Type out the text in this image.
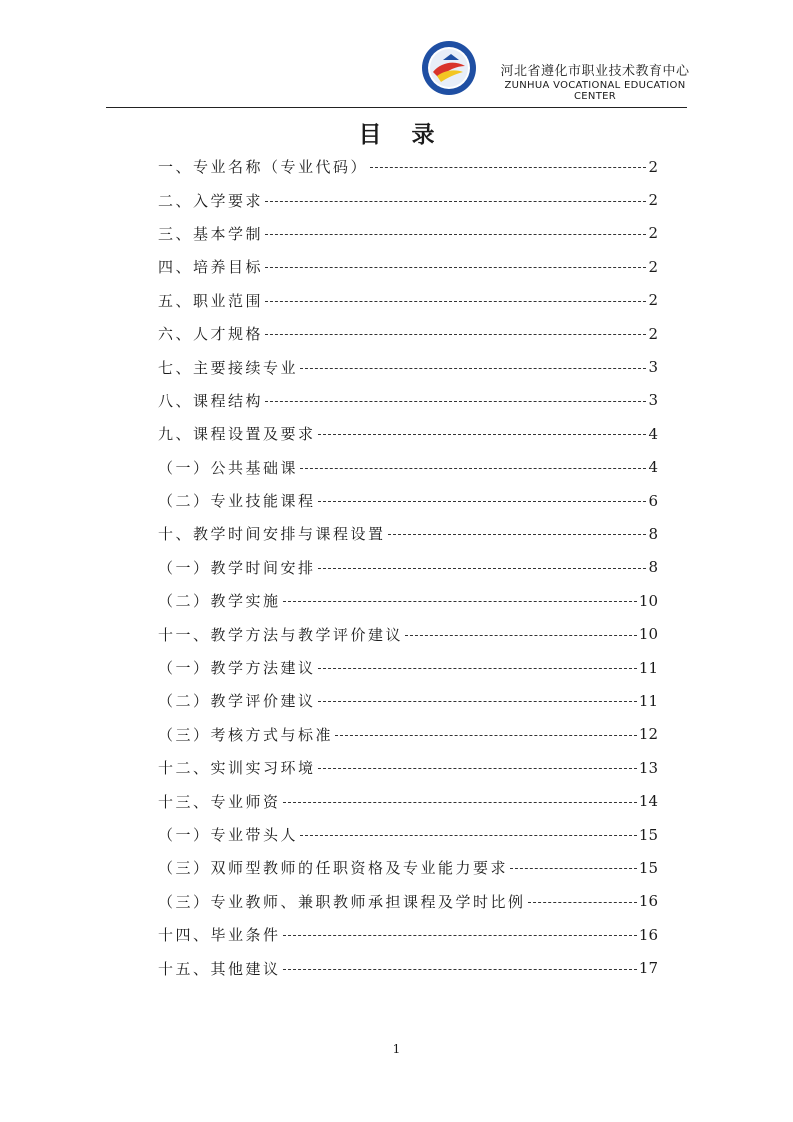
河北省遵化市职业技术教育中心
ZUNHUA VOCATIONAL EDUCATION CENTER
目录
一、专业名称（专业代码）	2
二、入学要求	2
三、基本学制	2
四、培养目标	2
五、职业范围	2
六、人才规格	2
七、主要接续专业	3
八、课程结构	3
九、课程设置及要求	4
（一）公共基础课	4
（二）专业技能课程	6
十、教学时间安排与课程设置	8
（一）教学时间安排	8
（二）教学实施	10
十一、教学方法与教学评价建议	10
（一）教学方法建议	11
（二）教学评价建议	11
（三）考核方式与标准	12
十二、实训实习环境	13
十三、专业师资	14
（一）专业带头人	15
（三）双师型教师的任职资格及专业能力要求	15
（三）专业教师、兼职教师承担课程及学时比例	16
十四、毕业条件	16
十五、其他建议	17
1
